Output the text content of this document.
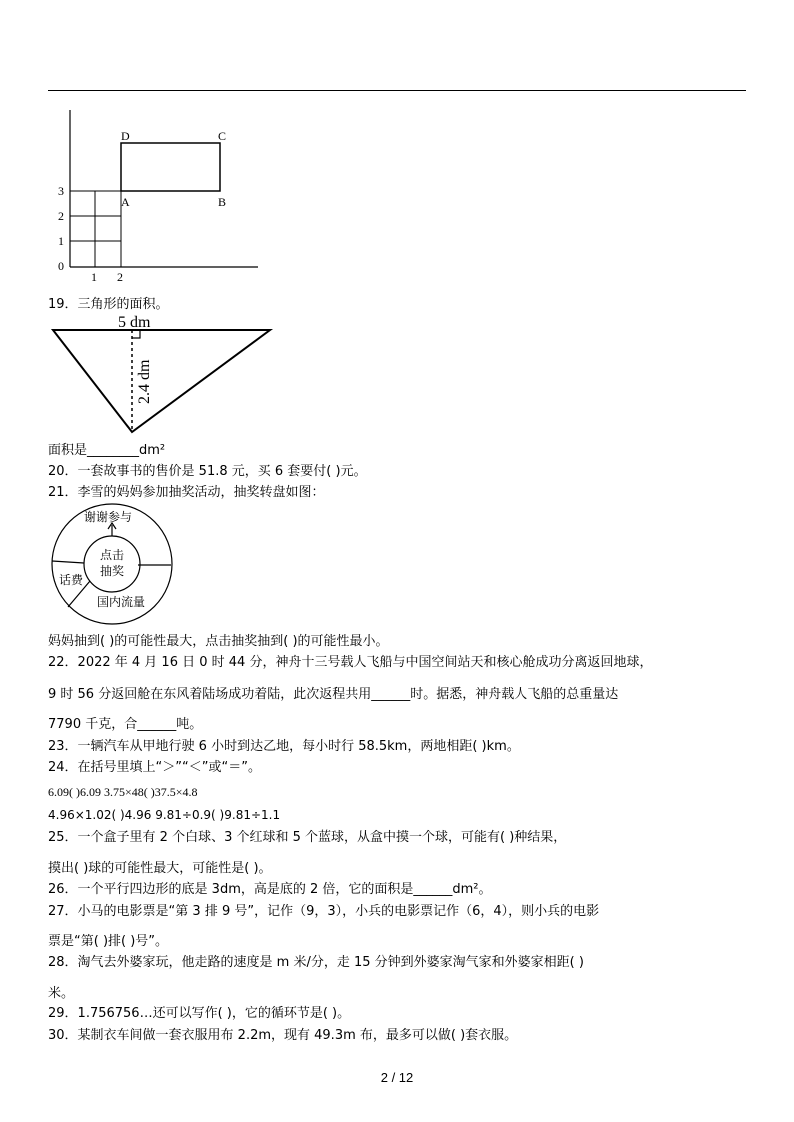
3
2
1
0
1 2
D	C
A	B
19．三角形的面积。
5 dm
2.4 dm
面积是________dm²
20．一套故事书的售价是 51.8 元，买 6 套要付( )元。
21．李雪的妈妈参加抽奖活动，抽奖转盘如图：
谢谢参与
点击
抽奖
话费
国内流量
妈妈抽到( )的可能性最大，点击抽奖抽到( )的可能性最小。
22．2022 年 4 月 16 日 0 时 44 分，神舟十三号载人飞船与中国空间站天和核心舱成功分离返回地球，
9 时 56 分返回舱在东风着陆场成功着陆，此次返程共用______时。据悉，神舟载人飞船的总重量达
7790 千克，合______吨。
23．一辆汽车从甲地行驶 6 小时到达乙地，每小时行 58.5km，两地相距( )km。
24．在括号里填上“＞”“＜”或“＝”。
6.09( )6.09 3.75×48( )37.5×4.8
4.96×1.02( )4.96 9.81÷0.9( )9.81÷1.1
25．一个盒子里有 2 个白球、3 个红球和 5 个蓝球，从盒中摸一个球，可能有( )种结果，
摸出( )球的可能性最大，可能性是( )。
26．一个平行四边形的底是 3dm，高是底的 2 倍，它的面积是______dm²。
27．小马的电影票是“第 3 排 9 号”，记作（9，3），小兵的电影票记作（6，4），则小兵的电影
票是“第( )排( )号”。
28．淘气去外婆家玩，他走路的速度是 m 米/分，走 15 分钟到外婆家淘气家和外婆家相距( )
米。
29．1.756756…还可以写作( )，它的循环节是( )。
30．某制衣车间做一套衣服用布 2.2m，现有 49.3m 布，最多可以做( )套衣服。
2 / 12
